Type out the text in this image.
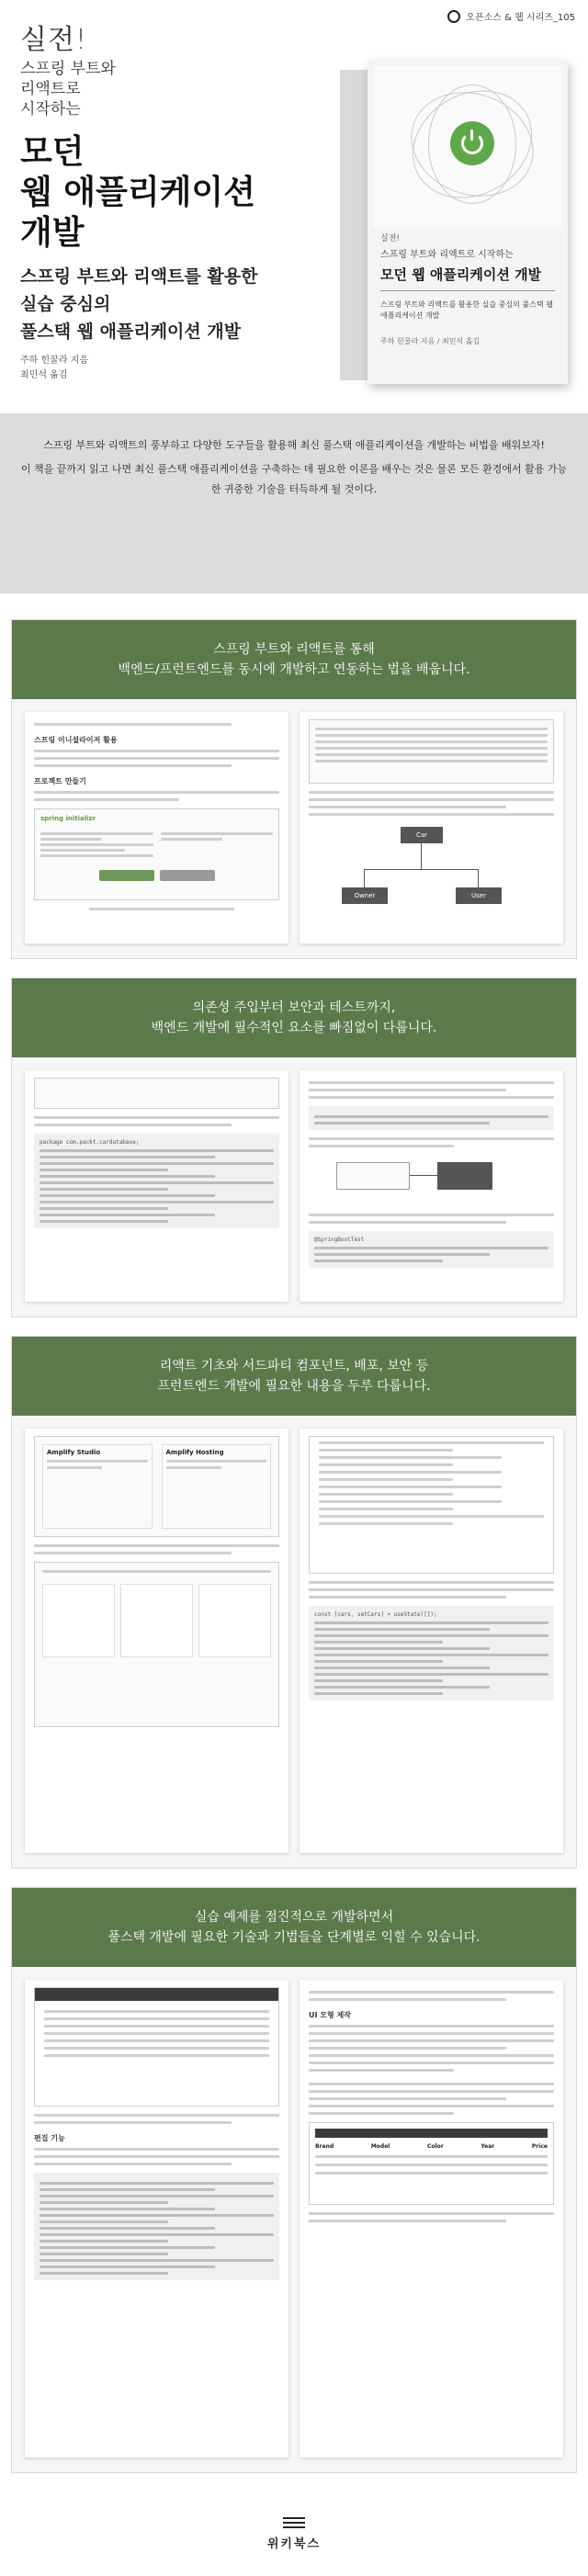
오픈소스 & 웹 시리즈_105
실전!
스프링 부트와
리액트로
시작하는
모던
웹 애플리케이션
개발
스프링 부트와 리액트를 활용한
실습 중심의
풀스택 웹 애플리케이션 개발
주하 힌꿀라 지음
최민석 옮김
실전!
스프링 부트와 리액트로 시작하는
모던 웹 애플리케이션 개발
스프링 부트와 리액트를 활용한 실습 중심의 풀스택 웹 애플리케이션 개발
주하 힌꿀라 지음 / 최민석 옮김

스프링 부트와 리액트의 풍부하고 다양한 도구들을 활용해 최신 풀스택 애플리케이션을 개발하는 비법을 배워보자!

이 책을 끝까지 읽고 나면 최신 풀스택 애플리케이션을 구축하는 데 필요한 이론을 배우는 것은 물론 모든 환경에서 활용 가능한 귀중한 기술을 터득하게 될 것이다.

스프링 부트와 리액트를 통해
백엔드/프런트엔드를 동시에 개발하고 연동하는 법을 배웁니다.
스프링 이니셜라이저 활용
프로젝트 만들기
spring initializr
Car
Owner	User
의존성 주입부터 보안과 테스트까지,
백엔드 개발에 필수적인 요소를 빠짐없이 다룹니다.
package com.packt.cardatabase;
@SpringBootTest
리액트 기초와 서드파티 컴포넌트, 배포, 보안 등
프런트엔드 개발에 필요한 내용을 두루 다룹니다.
Amplify Studio	Amplify Hosting
const [cars, setCars] = useState([]);
실습 예제를 점진적으로 개발하면서
풀스택 개발에 필요한 기술과 기법들을 단계별로 익힐 수 있습니다.
편집 기능
UI 모형 제작
Brand	Model	Color	Year	Price
위키북스
